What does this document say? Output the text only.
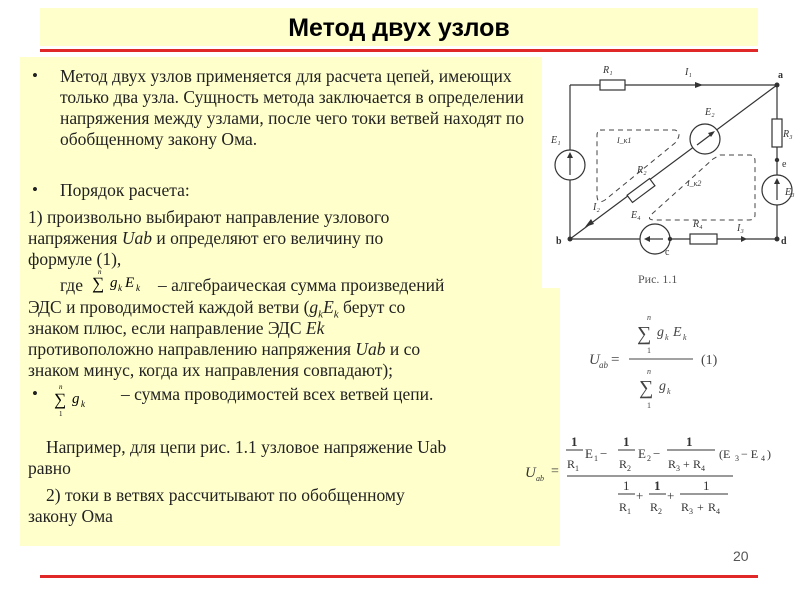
Метод двух узлов
• Метод двух узлов применяется для расчета цепей, имеющих только два узла. Сущность метода заключается в определении напряжения между узлами, после чего токи ветвей находят по обобщенному закону Ома.
• Порядок расчета:
1) произвольно выбирают направление узлового
напряжения Uab и определяют его величину по
формуле (1),
где
n
∑ g k E k – алгебраическая сумма произведений
ЭДС и проводимостей каждой ветви ($g_kE_k$ берут со
знаком плюс, если направление ЭДС Ek
противоположно направлению напряжения Uab и со
знаком минус, когда их направления совпадают);
•	n
∑
1
g k – сумма проводимостей всех ветвей цепи.
Например, для цепи рис. 1.1 узловое напряжение Uab
равно
2) токи в ветвях рассчитывают по обобщенному
закону Ома
R₁	I₁	a
E₁
E₂
R₃
I_к1
R₂
e
I_к2
E₃
I₂
E₄
R₄	I₃
b
c
d
Рис. 1.1
U ab =
n
∑
1
g k E k
n
∑
1
g k
(1)
U ab =
1
R 1
E 1 −
1
R 2
E 2 −
1
R 3 + R 4
(E 3 − E 4 )
1
R 1
+
1
R 2
+
1
R 3 + R 4
20
